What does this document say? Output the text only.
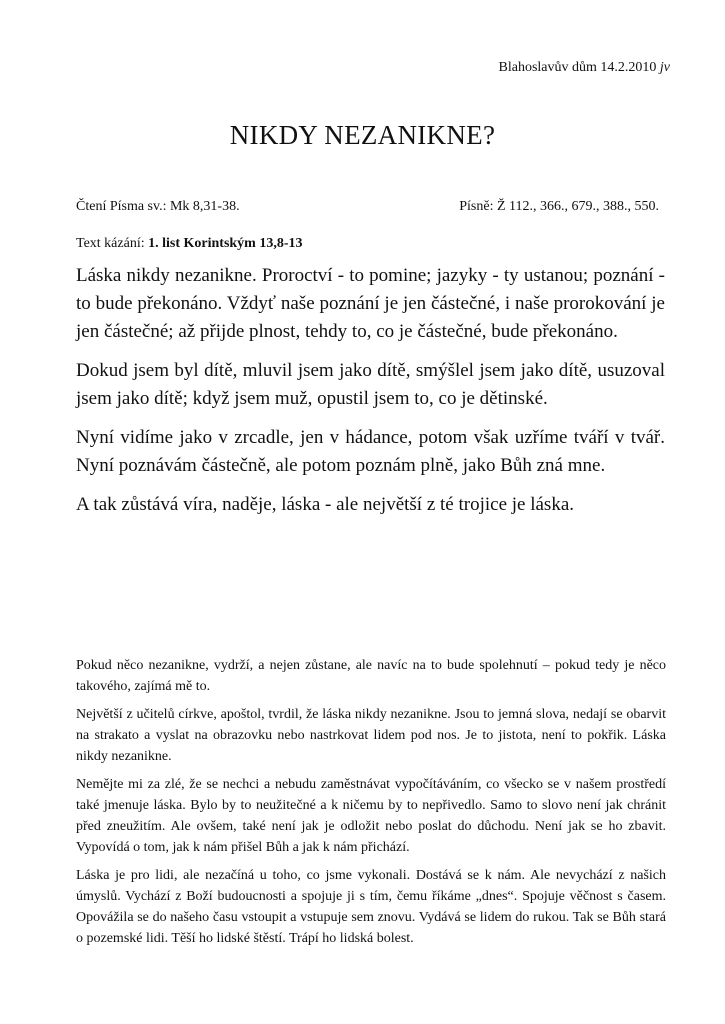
Blahoslavův dům 14.2.2010 jv
NIKDY NEZANIKNE?
Čtení Písma sv.: Mk 8,31-38.	Písně: Ž 112., 366., 679., 388., 550.
Text kázání: 1. list Korintským 13,8-13

Láska nikdy nezanikne. Proroctví - to pomine; jazyky - ty ustanou; poznání - to bude překonáno. Vždyť naše poznání je jen částečné, i naše prorokování je jen částečné; až přijde plnost, tehdy to, co je částečné, bude překonáno.

Dokud jsem byl dítě, mluvil jsem jako dítě, smýšlel jsem jako dítě, usuzoval jsem jako dítě; když jsem muž, opustil jsem to, co je dětinské.

Nyní vidíme jako v zrcadle, jen v hádance, potom však uzříme tváří v tvář. Nyní poznávám částečně, ale potom poznám plně, jako Bůh zná mne.

A tak zůstává víra, naděje, láska - ale největší z té trojice je láska.

Pokud něco nezanikne, vydrží, a nejen zůstane, ale navíc na to bude spolehnutí – pokud tedy je něco takového, zajímá mě to.

Největší z učitelů církve, apoštol, tvrdil, že láska nikdy nezanikne. Jsou to jemná slova, nedají se obarvit na strakato a vyslat na obrazovku nebo nastrkovat lidem pod nos. Je to jistota, není to pokřik. Láska nikdy nezanikne.

Nemějte mi za zlé, že se nechci a nebudu zaměstnávat vypočítáváním, co všecko se v našem prostředí také jmenuje láska. Bylo by to neužitečné a k ničemu by to nepřivedlo. Samo to slovo není jak chránit před zneužitím. Ale ovšem, také není jak je odložit nebo poslat do důchodu. Není jak se ho zbavit. Vypovídá o tom, jak k nám přišel Bůh a jak k nám přichází.

Láska je pro lidi, ale nezačíná u toho, co jsme vykonali. Dostává se k nám. Ale nevychází z našich úmyslů. Vychází z Boží budoucnosti a spojuje ji s tím, čemu říkáme „dnes“. Spojuje věčnost s časem. Opovážila se do našeho času vstoupit a vstupuje sem znovu. Vydává se lidem do rukou. Tak se Bůh stará o pozemské lidi. Těší ho lidské štěstí. Trápí ho lidská bolest.
